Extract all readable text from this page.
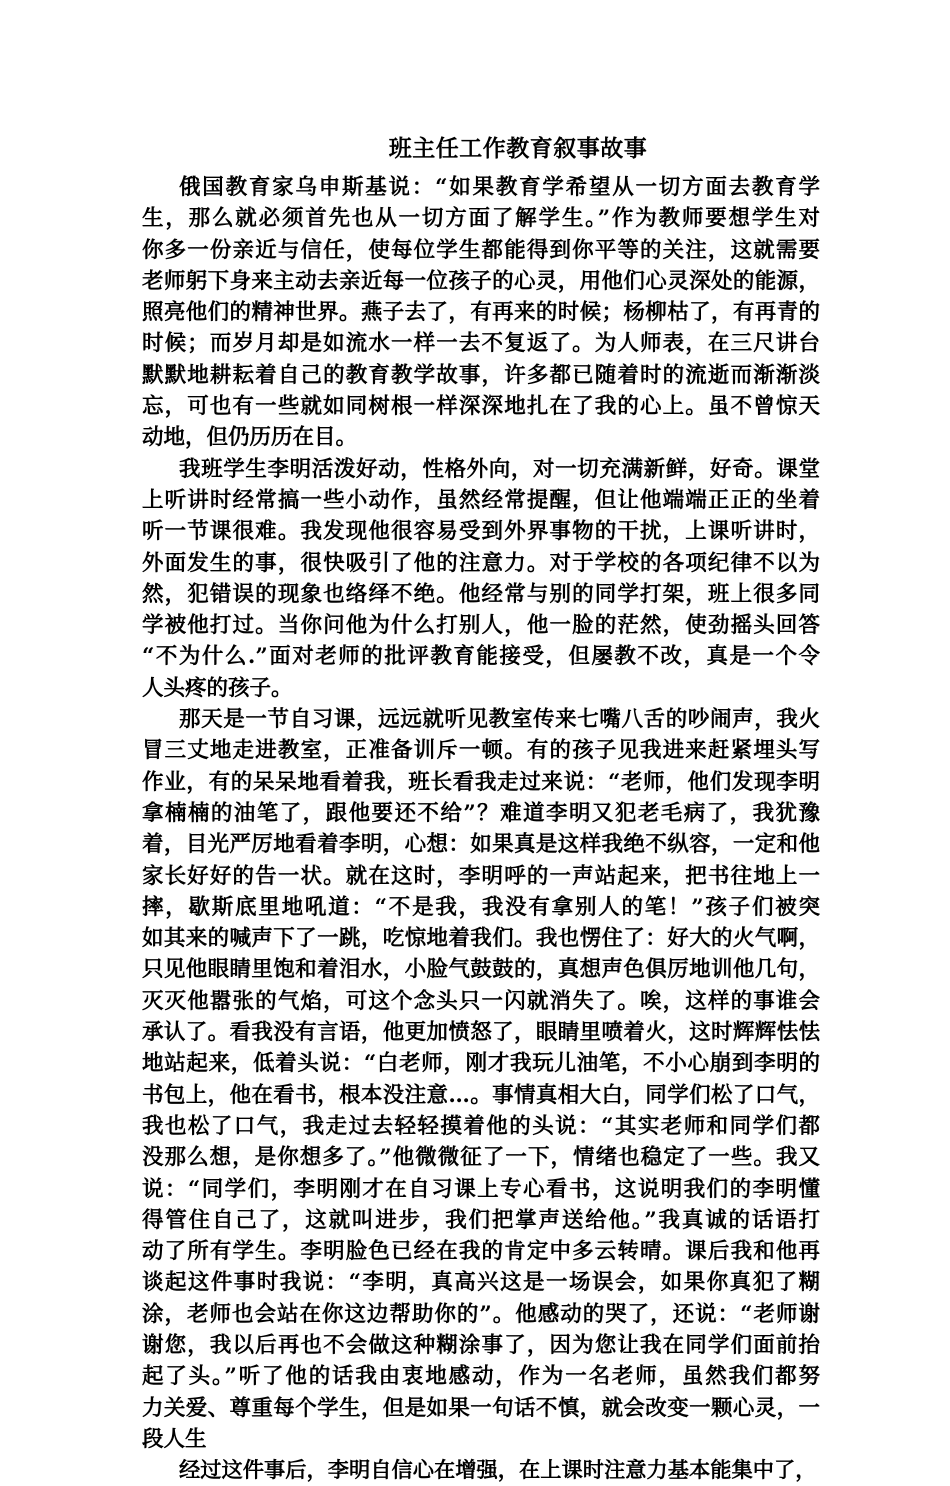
班主任工作教育叙事故事
俄国教育家乌申斯基说：“如果教育学希望从一切方面去教育学
生，那么就必须首先也从一切方面了解学生。”作为教师要想学生对
你多一份亲近与信任，使每位学生都能得到你平等的关注，这就需要
老师躬下身来主动去亲近每一位孩子的心灵，用他们心灵深处的能源，
照亮他们的精神世界。燕子去了，有再来的时候；杨柳枯了，有再青的
时候；而岁月却是如流水一样一去不复返了。为人师表，在三尺讲台
默默地耕耘着自己的教育教学故事，许多都已随着时的流逝而渐渐淡
忘，可也有一些就如同树根一样深深地扎在了我的心上。虽不曾惊天
动地，但仍历历在目。
我班学生李明活泼好动，性格外向，对一切充满新鲜，好奇。课堂
上听讲时经常搞一些小动作，虽然经常提醒，但让他端端正正的坐着
听一节课很难。我发现他很容易受到外界事物的干扰，上课听讲时，
外面发生的事，很快吸引了他的注意力。对于学校的各项纪律不以为
然，犯错误的现象也络绎不绝。他经常与别的同学打架，班上很多同
学被他打过。当你问他为什么打别人，他一脸的茫然，使劲摇头回答
“不为什么.”面对老师的批评教育能接受，但屡教不改，真是一个令
人头疼的孩子。
那天是一节自习课，远远就听见教室传来七嘴八舌的吵闹声，我火
冒三丈地走进教室，正准备训斥一顿。有的孩子见我进来赶紧埋头写
作业，有的呆呆地看着我，班长看我走过来说：“老师，他们发现李明
拿楠楠的油笔了，跟他要还不给”？难道李明又犯老毛病了，我犹豫
着，目光严厉地看着李明，心想：如果真是这样我绝不纵容，一定和他
家长好好的告一状。就在这时，李明呼的一声站起来，把书往地上一
摔，歇斯底里地吼道：“不是我，我没有拿别人的笔！”孩子们被突
如其来的喊声下了一跳，吃惊地着我们。我也愣住了：好大的火气啊，
只见他眼睛里饱和着泪水，小脸气鼓鼓的，真想声色俱厉地训他几句，
灭灭他嚣张的气焰，可这个念头只一闪就消失了。唉，这样的事谁会
承认了。看我没有言语，他更加愤怒了，眼睛里喷着火，这时辉辉怯怯
地站起来，低着头说：“白老师，刚才我玩儿油笔，不小心崩到李明的
书包上，他在看书，根本没注意…。事情真相大白，同学们松了口气，
我也松了口气，我走过去轻轻摸着他的头说：“其实老师和同学们都
没那么想，是你想多了。”他微微征了一下，情绪也稳定了一些。我又
说：“同学们，李明刚才在自习课上专心看书，这说明我们的李明懂
得管住自己了，这就叫进步，我们把掌声送给他。”我真诚的话语打
动了所有学生。李明脸色已经在我的肯定中多云转晴。课后我和他再
谈起这件事时我说：“李明，真高兴这是一场误会，如果你真犯了糊
涂，老师也会站在你这边帮助你的”。他感动的哭了，还说：“老师谢
谢您，我以后再也不会做这种糊涂事了，因为您让我在同学们面前抬
起了头。”听了他的话我由衷地感动，作为一名老师，虽然我们都努
力关爱、尊重每个学生，但是如果一句话不慎，就会改变一颗心灵，一
段人生
经过这件事后，李明自信心在增强，在上课时注意力基本能集中了，
